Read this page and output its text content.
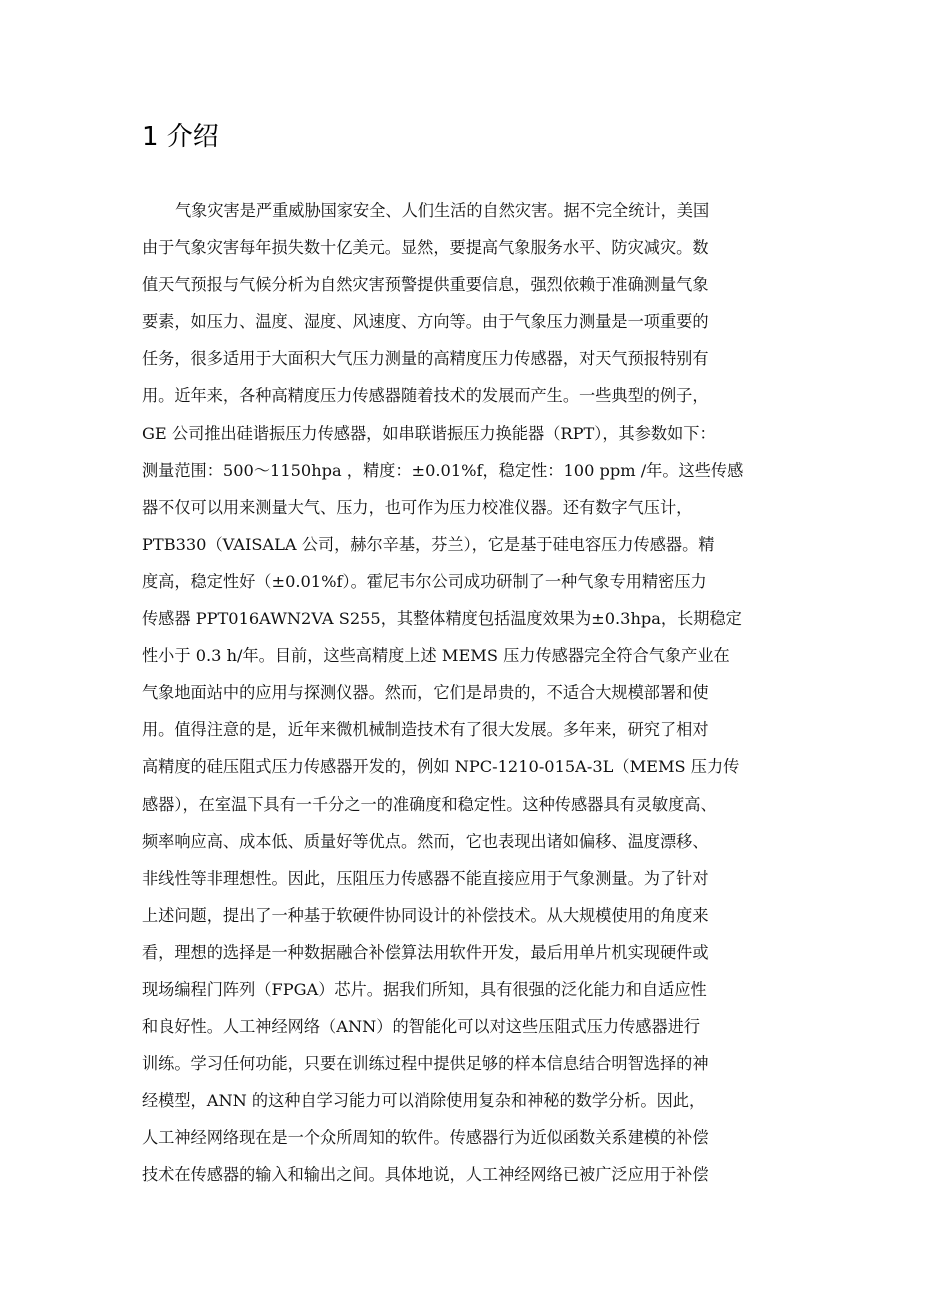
1 介绍
气象灾害是严重威胁国家安全、人们生活的自然灾害。据不完全统计，美国
由于气象灾害每年损失数十亿美元。显然，要提高气象服务水平、防灾减灾。数
值天气预报与气候分析为自然灾害预警提供重要信息，强烈依赖于准确测量气象
要素，如压力、温度、湿度、风速度、方向等。由于气象压力测量是一项重要的
任务，很多适用于大面积大气压力测量的高精度压力传感器，对天气预报特别有
用。近年来，各种高精度压力传感器随着技术的发展而产生。一些典型的例子，
GE 公司推出硅谐振压力传感器，如串联谐振压力换能器（RPT），其参数如下：
测量范围：500～1150hpa ，精度：±0.01%f，稳定性：100 ppm /年。这些传感
器不仅可以用来测量大气、压力，也可作为压力校准仪器。还有数字气压计，
PTB330（VAISALA 公司，赫尔辛基，芬兰），它是基于硅电容压力传感器。精
度高，稳定性好（±0.01%f）。霍尼韦尔公司成功研制了一种气象专用精密压力
传感器 PPT016AWN2VA S255，其整体精度包括温度效果为±0.3hpa，长期稳定
性小于 0.3 h/年。目前，这些高精度上述 MEMS 压力传感器完全符合气象产业在
气象地面站中的应用与探测仪器。然而，它们是昂贵的，不适合大规模部署和使
用。值得注意的是，近年来微机械制造技术有了很大发展。多年来，研究了相对
高精度的硅压阻式压力传感器开发的，例如 NPC-1210-015A-3L（MEMS 压力传
感器），在室温下具有一千分之一的准确度和稳定性。这种传感器具有灵敏度高、
频率响应高、成本低、质量好等优点。然而，它也表现出诸如偏移、温度漂移、
非线性等非理想性。因此，压阻压力传感器不能直接应用于气象测量。为了针对
上述问题，提出了一种基于软硬件协同设计的补偿技术。从大规模使用的角度来
看，理想的选择是一种数据融合补偿算法用软件开发，最后用单片机实现硬件或
现场编程门阵列（FPGA）芯片。据我们所知，具有很强的泛化能力和自适应性
和良好性。人工神经网络（ANN）的智能化可以对这些压阻式压力传感器进行
训练。学习任何功能，只要在训练过程中提供足够的样本信息结合明智选择的神
经模型，ANN 的这种自学习能力可以消除使用复杂和神秘的数学分析。因此，
人工神经网络现在是一个众所周知的软件。传感器行为近似函数关系建模的补偿
技术在传感器的输入和输出之间。具体地说，人工神经网络已被广泛应用于补偿
